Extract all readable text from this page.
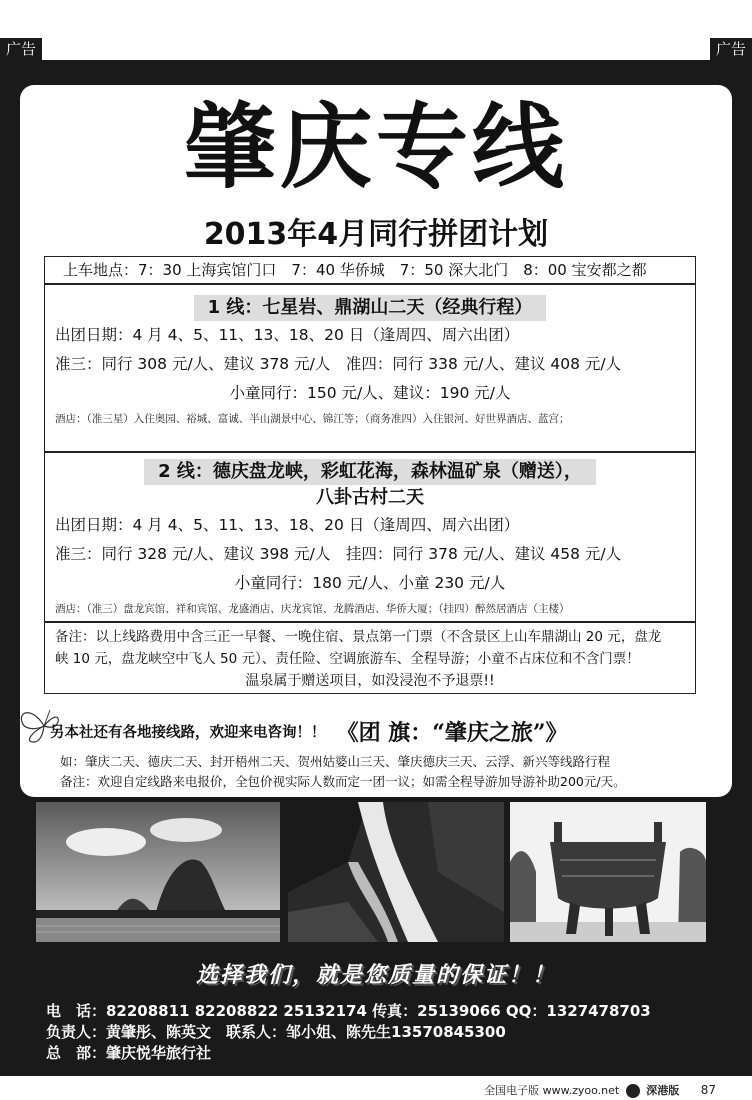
广告	广告
肇庆专线
2013年4月同行拼团计划
上车地点：7：30 上海宾馆门口　7：40 华侨城　7：50 深大北门　8：00 宝安都之都
1 线：七星岩、鼎湖山二天（经典行程）
出团日期：4 月 4、5、11、13、18、20 日（逢周四、周六出团）
准三：同行 308 元/人、建议 378 元/人　准四：同行 338 元/人、建议 408 元/人
小童同行：150 元/人、建议：190 元/人
酒店：（准三星）入住奥园、裕城、富诚、半山湖景中心、锦江等；（商务准四）入住银河、好世界酒店、蓝宫；
2 线：德庆盘龙峡，彩虹花海，森林温矿泉（赠送），
八卦古村二天
出团日期：4 月 4、5、11、13、18、20 日（逢周四、周六出团）
准三：同行 328 元/人、建议 398 元/人　挂四：同行 378 元/人、建议 458 元/人
小童同行：180 元/人、小童 230 元/人
酒店：（准三）盘龙宾馆、祥和宾馆、龙盛酒店、庆龙宾馆、龙腾酒店、华侨大厦；（挂四）醉然居酒店（主楼）
备注：以上线路费用中含三正一早餐、一晚住宿、景点第一门票（不含景区上山车鼎湖山 20 元，盘龙
峡 10 元，盘龙峡空中飞人 50 元）、责任险、空调旅游车、全程导游；小童不占床位和不含门票！
温泉属于赠送项目，如没浸泡不予退票!!
另本社还有各地接线路，欢迎来电咨询！！ 《团 旗：“肇庆之旅”》
如：肇庆二天、德庆二天、封开梧州二天、贺州姑婆山三天、肇庆德庆三天、云浮、新兴等线路行程
备注：欢迎自定线路来电报价，全包价视实际人数而定一团一议；如需全程导游加导游补助200元/天。
选择我们，就是您质量的保证！！
电　话：82208811 82208822 25132174 传真：25139066 QQ：1327478703
负责人：黄肇彤、陈英文　联系人：邹小姐、陈先生13570845300
总　部：肇庆悦华旅行社
全国电子版 www.zyoo.net 深港版 87
